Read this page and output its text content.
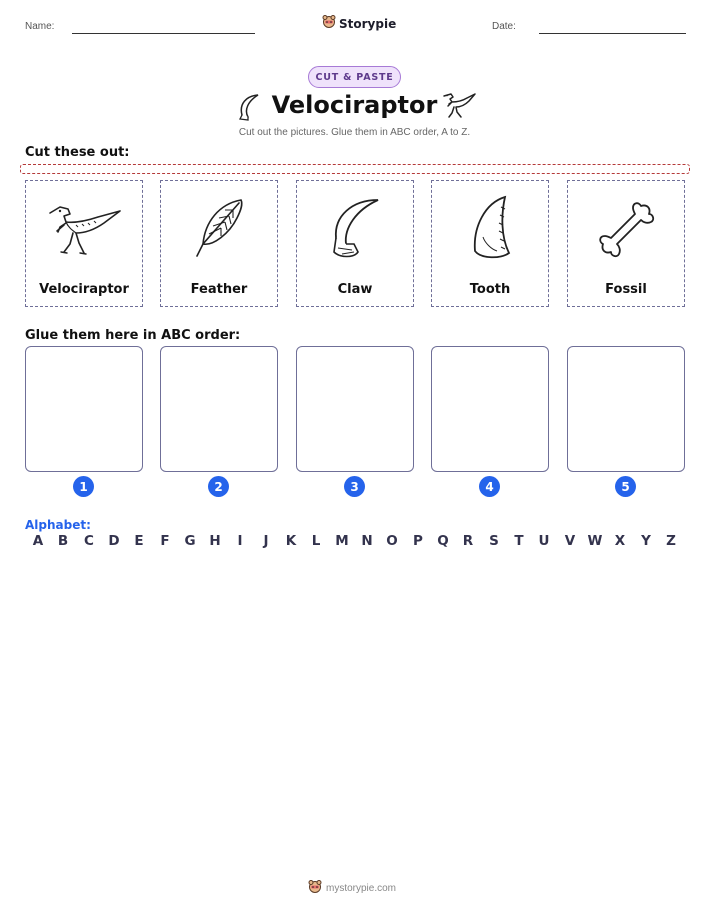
Name:	Storypie	Date:
CUT & PASTE
Velociraptor
Cut out the pictures. Glue them in ABC order, A to Z.
Cut these out:
Velociraptor	Feather	Claw	Tooth	Fossil
Glue them here in ABC order:
1	2	3	4	5
Alphabet:
A B C D E F G H I J K L M N O P Q R S T U V W X Y Z
mystorypie.com
